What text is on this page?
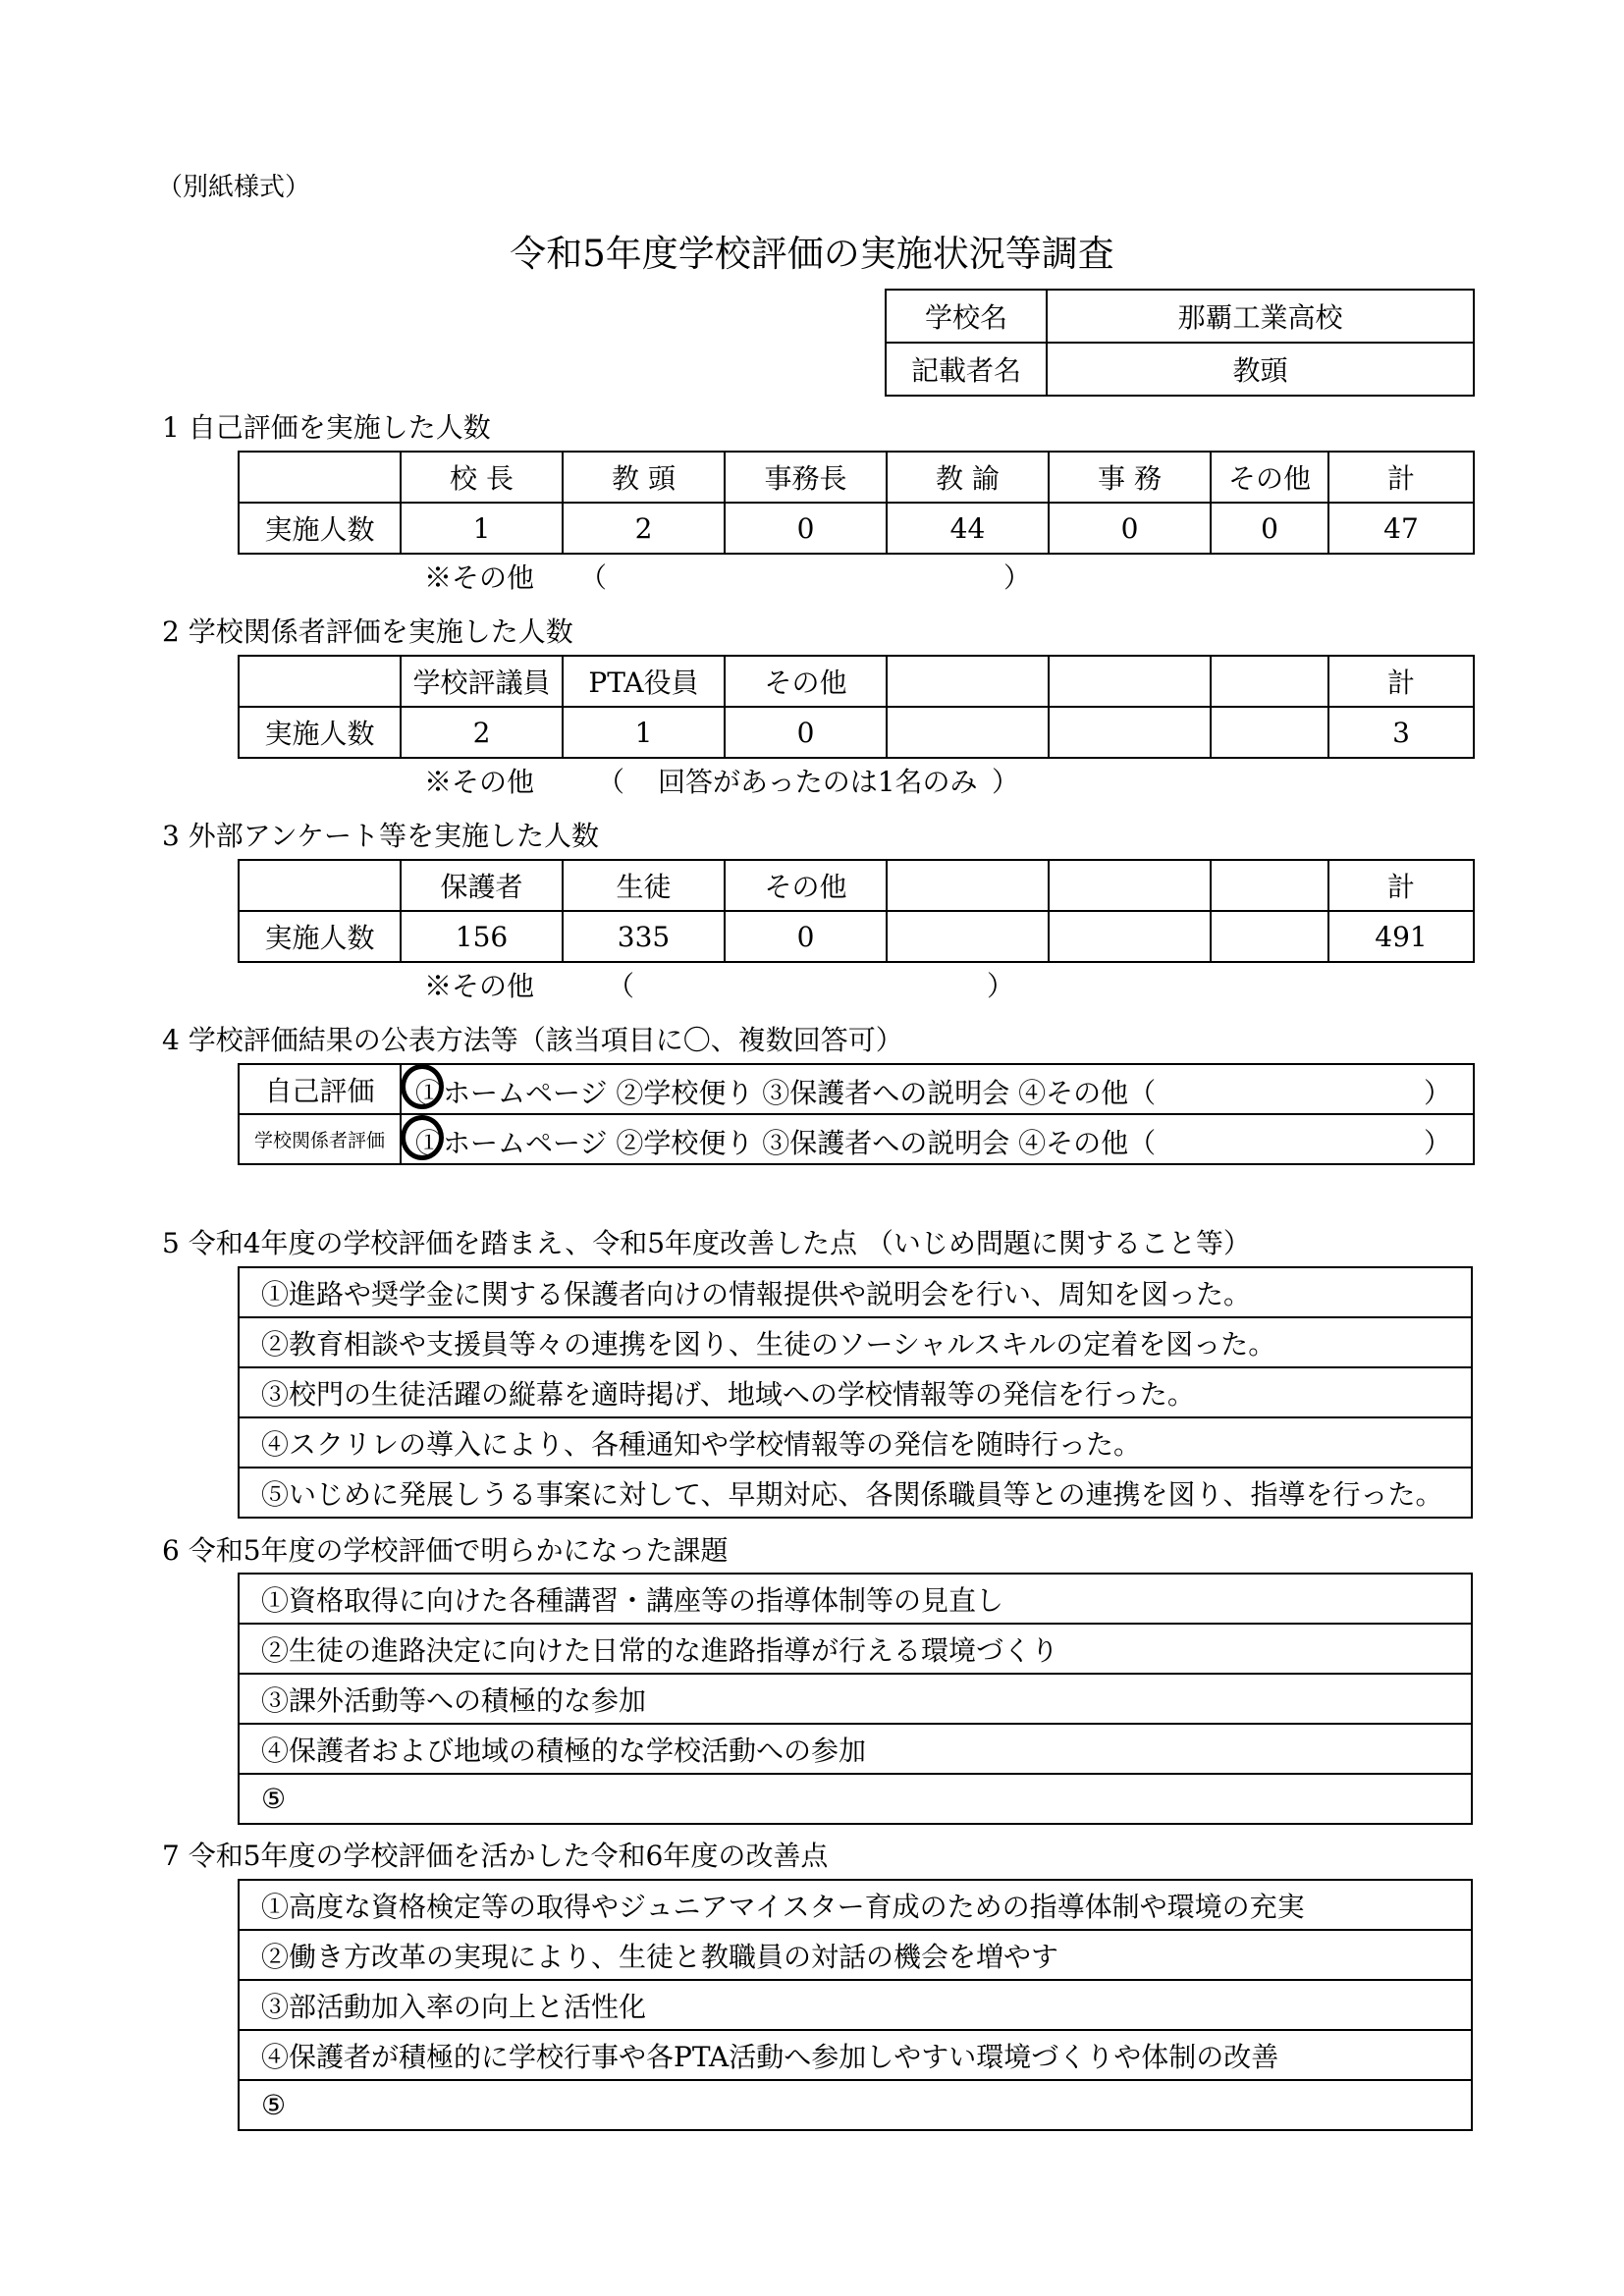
（別紙様式）
令和5年度学校評価の実施状況等調査
学校名	那覇工業高校
記載者名	教頭
1 自己評価を実施した人数
	校 長	教 頭	事務長	教 諭	事 務	その他	計
実施人数	1	2	0	44	0	0	47
※その他 （	）
2 学校関係者評価を実施した人数
	学校評議員	PTA役員	その他				計
実施人数	2	1	0				3
※その他 （ 回答があったのは1名のみ ）
3 外部アンケート等を実施した人数
	保護者	生徒	その他				計
実施人数	156	335	0				491
※その他	（	）
4 学校評価結果の公表方法等（該当項目に〇、複数回答可）
自己評価	①ホームページ ②学校便り ③保護者への説明会 ④その他（ ）

学校関係者評価	①ホームページ ②学校便り ③保護者への説明会 ④その他（ ）
5 令和4年度の学校評価を踏まえ、令和5年度改善した点 （いじめ問題に関すること等）
①進路や奨学金に関する保護者向けの情報提供や説明会を行い、周知を図った。
②教育相談や支援員等々の連携を図り、生徒のソーシャルスキルの定着を図った。
③校門の生徒活躍の縦幕を適時掲げ、地域への学校情報等の発信を行った。
④スクリレの導入により、各種通知や学校情報等の発信を随時行った。
⑤いじめに発展しうる事案に対して、早期対応、各関係職員等との連携を図り、指導を行った。
6 令和5年度の学校評価で明らかになった課題
①資格取得に向けた各種講習・講座等の指導体制等の見直し
②生徒の進路決定に向けた日常的な進路指導が行える環境づくり
③課外活動等への積極的な参加
④保護者および地域の積極的な学校活動への参加
⑤
7 令和5年度の学校評価を活かした令和6年度の改善点
①高度な資格検定等の取得やジュニアマイスター育成のための指導体制や環境の充実
②働き方改革の実現により、生徒と教職員の対話の機会を増やす
③部活動加入率の向上と活性化
④保護者が積極的に学校行事や各PTA活動へ参加しやすい環境づくりや体制の改善
⑤
